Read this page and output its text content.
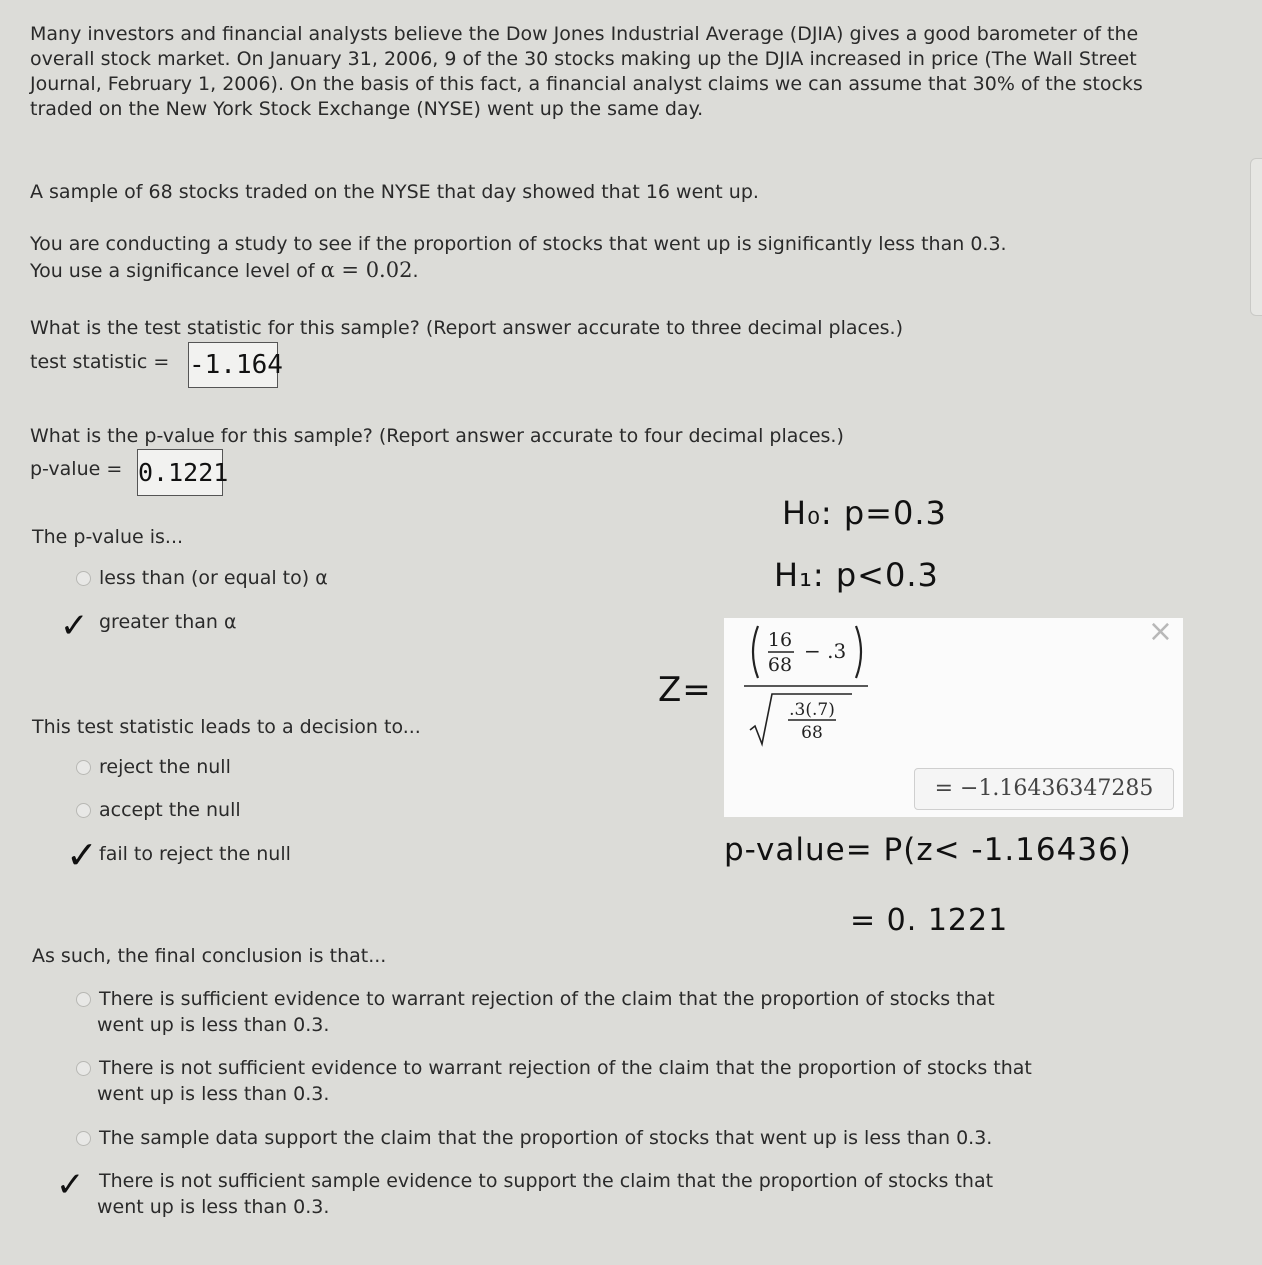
Many investors and financial analysts believe the Dow Jones Industrial Average (DJIA) gives a good barometer of the overall stock market. On January 31, 2006, 9 of the 30 stocks making up the DJIA increased in price (The Wall Street Journal, February 1, 2006). On the basis of this fact, a financial analyst claims we can assume that 30% of the stocks traded on the New York Stock Exchange (NYSE) went up the same day.

A sample of 68 stocks traded on the NYSE that day showed that 16 went up.

You are conducting a study to see if the proportion of stocks that went up is significantly less than 0.3.
You use a significance level of α = 0.02.
What is the test statistic for this sample? (Report answer accurate to three decimal places.)
test statistic = -1.164
What is the p-value for this sample? (Report answer accurate to four decimal places.)
p-value = 0.1221
The p-value is...
less than (or equal to) α
greater than α
✓
This test statistic leads to a decision to...
reject the null
accept the null
fail to reject the null
✓
As such, the final conclusion is that...
There is sufficient evidence to warrant rejection of the claim that the proportion of stocks that
went up is less than 0.3.
There is not sufficient evidence to warrant rejection of the claim that the proportion of stocks that
went up is less than 0.3.
The sample data support the claim that the proportion of stocks that went up is less than 0.3.
There is not sufficient sample evidence to support the claim that the proportion of stocks that
went up is less than 0.3.
✓
H₀: p=0.3
H₁: p<0.3
Z=
×
16
68
− .3
.3(.7)
68
= −1.16436347285
p-value= P(z< -1.16436)
= 0. 1221
